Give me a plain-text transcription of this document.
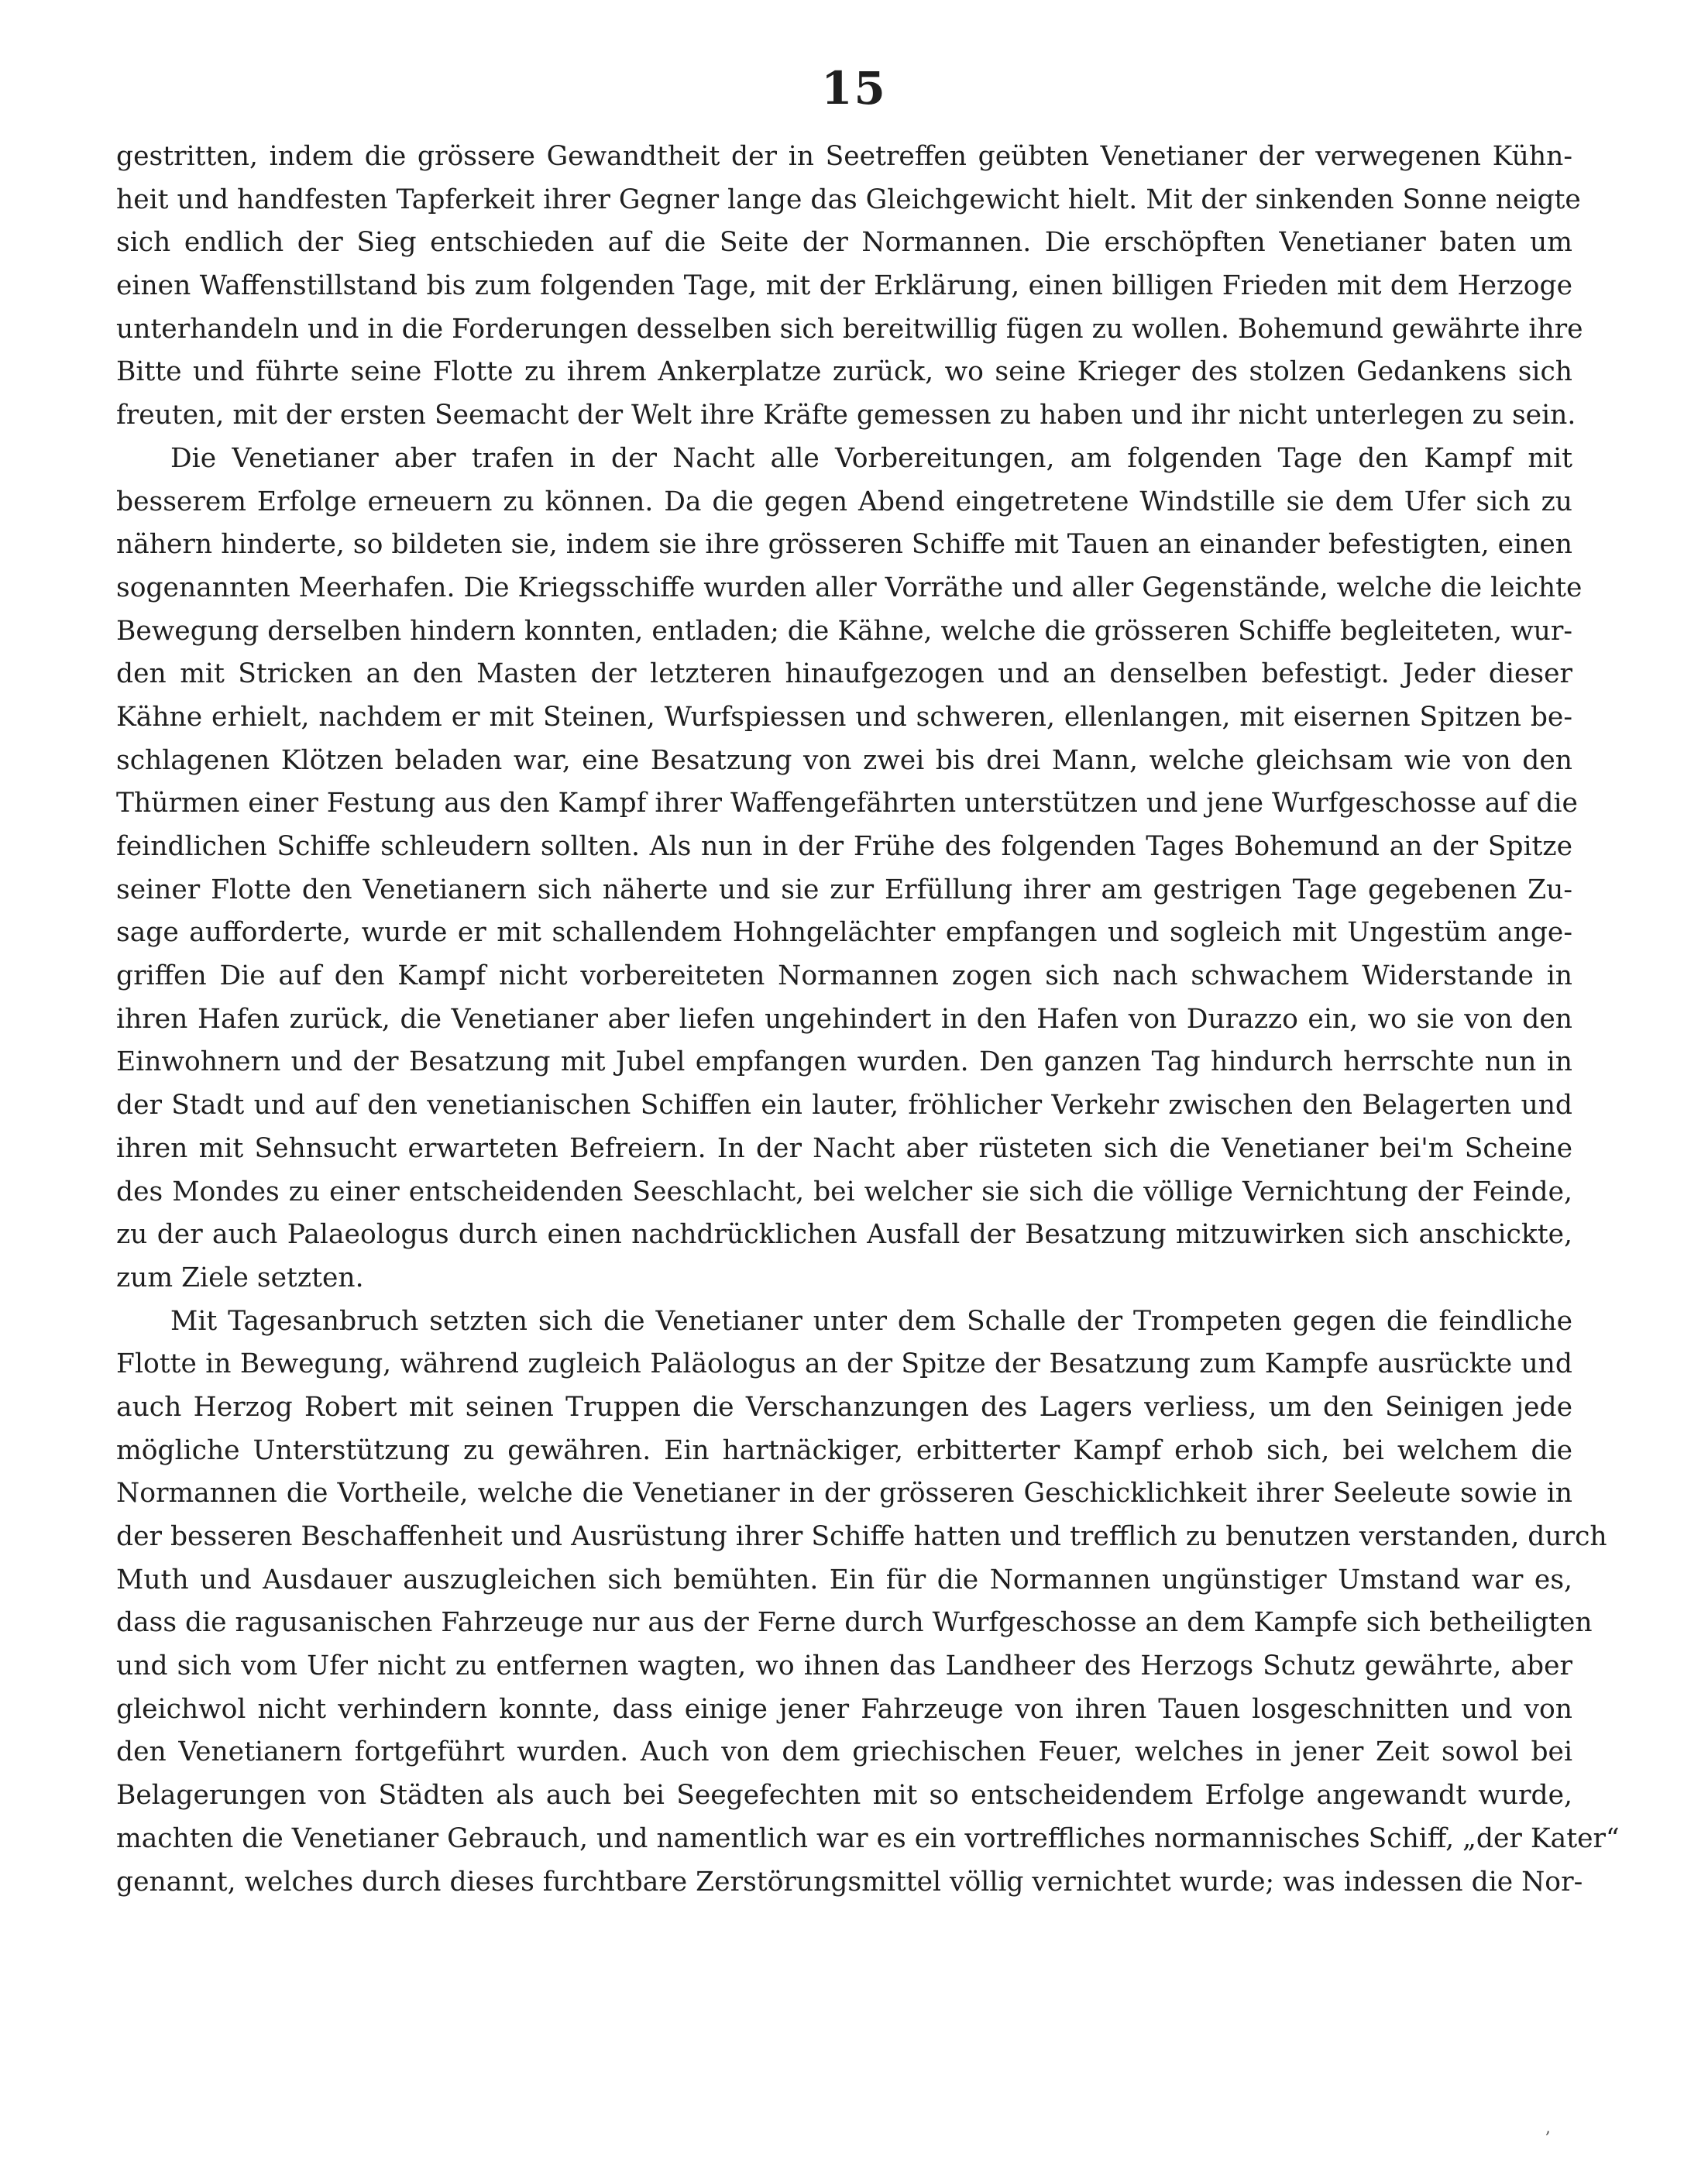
15
gestritten, indem die grössere Gewandtheit der in Seetreffen geübten Venetianer der verwegenen Kühn-
heit und handfesten Tapferkeit ihrer Gegner lange das Gleichgewicht hielt. Mit der sinkenden Sonne neigte
sich endlich der Sieg entschieden auf die Seite der Normannen. Die erschöpften Venetianer baten um
einen Waffenstillstand bis zum folgenden Tage, mit der Erklärung, einen billigen Frieden mit dem Herzoge
unterhandeln und in die Forderungen desselben sich bereitwillig fügen zu wollen. Bohemund gewährte ihre
Bitte und führte seine Flotte zu ihrem Ankerplatze zurück, wo seine Krieger des stolzen Gedankens sich
freuten, mit der ersten Seemacht der Welt ihre Kräfte gemessen zu haben und ihr nicht unterlegen zu sein.
Die Venetianer aber trafen in der Nacht alle Vorbereitungen, am folgenden Tage den Kampf mit
besserem Erfolge erneuern zu können. Da die gegen Abend eingetretene Windstille sie dem Ufer sich zu
nähern hinderte, so bildeten sie, indem sie ihre grösseren Schiffe mit Tauen an einander befestigten, einen
sogenannten Meerhafen. Die Kriegsschiffe wurden aller Vorräthe und aller Gegenstände, welche die leichte
Bewegung derselben hindern konnten, entladen; die Kähne, welche die grösseren Schiffe begleiteten, wur-
den mit Stricken an den Masten der letzteren hinaufgezogen und an denselben befestigt. Jeder dieser
Kähne erhielt, nachdem er mit Steinen, Wurfspiessen und schweren, ellenlangen, mit eisernen Spitzen be-
schlagenen Klötzen beladen war, eine Besatzung von zwei bis drei Mann, welche gleichsam wie von den
Thürmen einer Festung aus den Kampf ihrer Waffengefährten unterstützen und jene Wurfgeschosse auf die
feindlichen Schiffe schleudern sollten. Als nun in der Frühe des folgenden Tages Bohemund an der Spitze
seiner Flotte den Venetianern sich näherte und sie zur Erfüllung ihrer am gestrigen Tage gegebenen Zu-
sage aufforderte, wurde er mit schallendem Hohngelächter empfangen und sogleich mit Ungestüm ange-
griffen Die auf den Kampf nicht vorbereiteten Normannen zogen sich nach schwachem Widerstande in
ihren Hafen zurück, die Venetianer aber liefen ungehindert in den Hafen von Durazzo ein, wo sie von den
Einwohnern und der Besatzung mit Jubel empfangen wurden. Den ganzen Tag hindurch herrschte nun in
der Stadt und auf den venetianischen Schiffen ein lauter, fröhlicher Verkehr zwischen den Belagerten und
ihren mit Sehnsucht erwarteten Befreiern. In der Nacht aber rüsteten sich die Venetianer bei'm Scheine
des Mondes zu einer entscheidenden Seeschlacht, bei welcher sie sich die völlige Vernichtung der Feinde,
zu der auch Palaeologus durch einen nachdrücklichen Ausfall der Besatzung mitzuwirken sich anschickte,
zum Ziele setzten.
Mit Tagesanbruch setzten sich die Venetianer unter dem Schalle der Trompeten gegen die feindliche
Flotte in Bewegung, während zugleich Paläologus an der Spitze der Besatzung zum Kampfe ausrückte und
auch Herzog Robert mit seinen Truppen die Verschanzungen des Lagers verliess, um den Seinigen jede
mögliche Unterstützung zu gewähren. Ein hartnäckiger, erbitterter Kampf erhob sich, bei welchem die
Normannen die Vortheile, welche die Venetianer in der grösseren Geschicklichkeit ihrer Seeleute sowie in
der besseren Beschaffenheit und Ausrüstung ihrer Schiffe hatten und trefflich zu benutzen verstanden, durch
Muth und Ausdauer auszugleichen sich bemühten. Ein für die Normannen ungünstiger Umstand war es,
dass die ragusanischen Fahrzeuge nur aus der Ferne durch Wurfgeschosse an dem Kampfe sich betheiligten
und sich vom Ufer nicht zu entfernen wagten, wo ihnen das Landheer des Herzogs Schutz gewährte, aber
gleichwol nicht verhindern konnte, dass einige jener Fahrzeuge von ihren Tauen losgeschnitten und von
den Venetianern fortgeführt wurden. Auch von dem griechischen Feuer, welches in jener Zeit sowol bei
Belagerungen von Städten als auch bei Seegefechten mit so entscheidendem Erfolge angewandt wurde,
machten die Venetianer Gebrauch, und namentlich war es ein vortreffliches normannisches Schiff, „der Kater“
genannt, welches durch dieses furchtbare Zerstörungsmittel völlig vernichtet wurde; was indessen die Nor-
,
